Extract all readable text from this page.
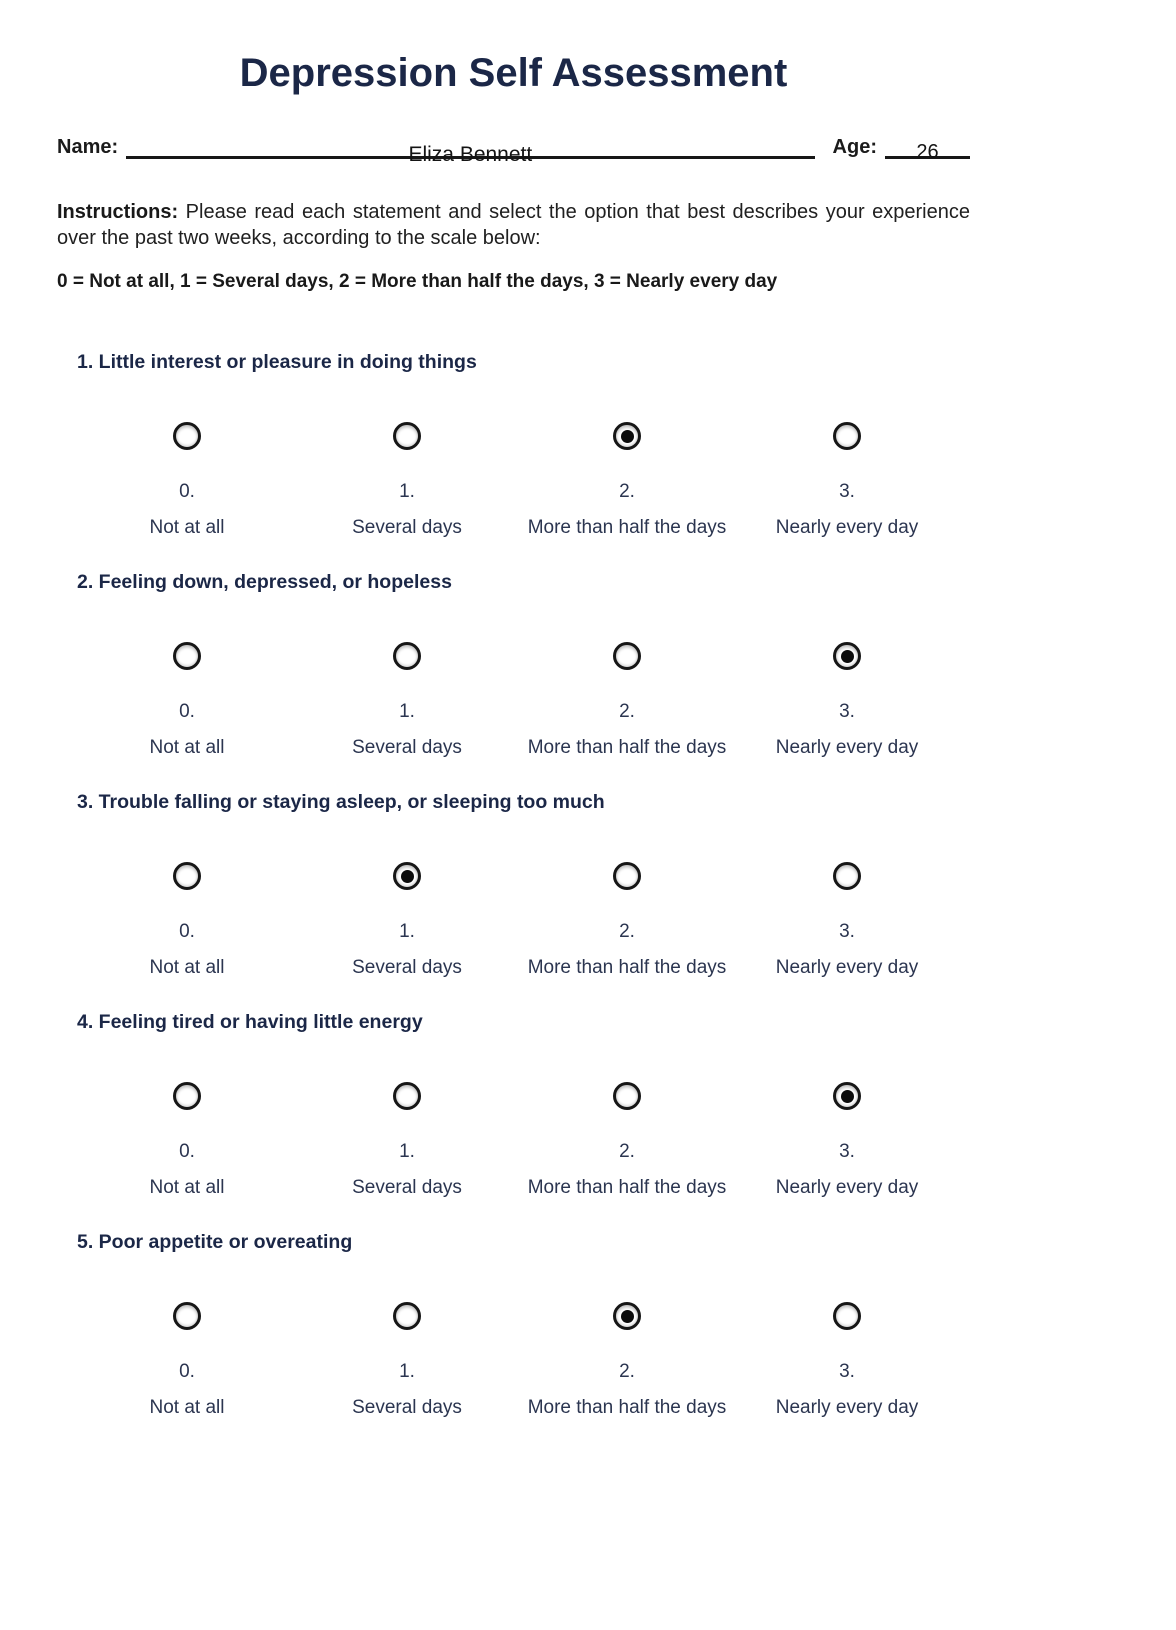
Depression Self Assessment
Name:	Eliza Bennett	Age:	26

Instructions: Please read each statement and select the option that best describes your experience over the past two weeks, according to the scale below:

0 = Not at all, 1 = Several days, 2 = More than half the days, 3 = Nearly every day

1. Little interest or pleasure in doing things
0.
Not at all
1.
Several days
2.
More than half the days
3.
Nearly every day
2. Feeling down, depressed, or hopeless
0.
Not at all
1.
Several days
2.
More than half the days
3.
Nearly every day
3. Trouble falling or staying asleep, or sleeping too much
0.
Not at all
1.
Several days
2.
More than half the days
3.
Nearly every day
4. Feeling tired or having little energy
0.
Not at all
1.
Several days
2.
More than half the days
3.
Nearly every day
5. Poor appetite or overeating
0.
Not at all
1.
Several days
2.
More than half the days
3.
Nearly every day
